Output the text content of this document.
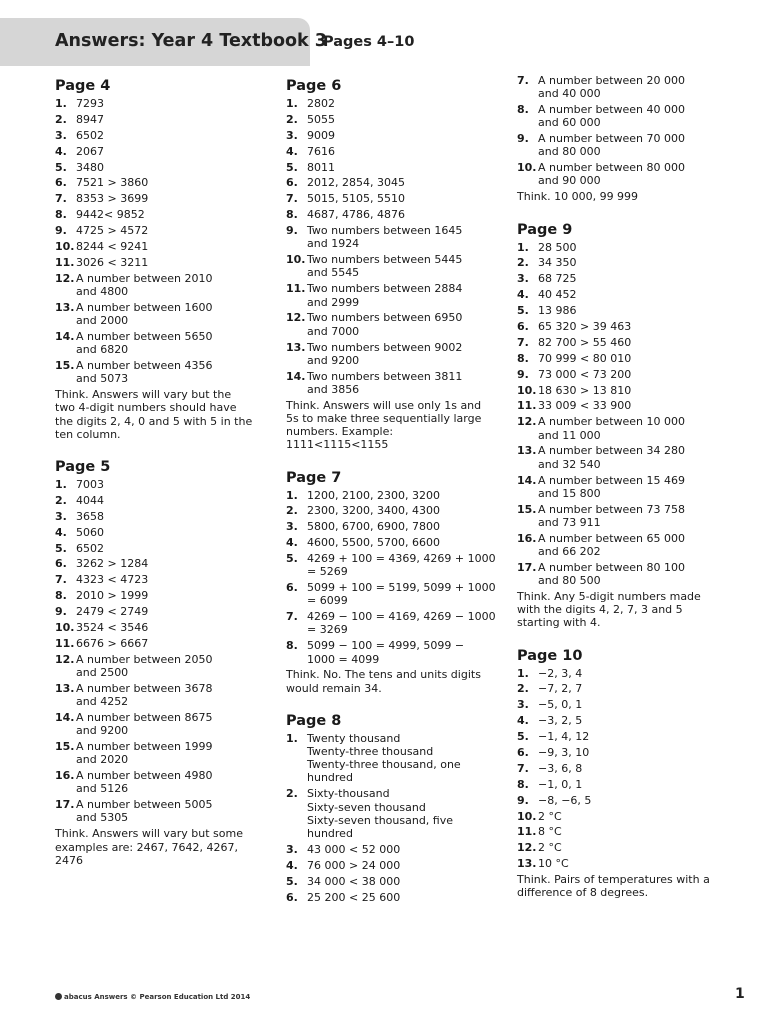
Answers: Year 4 Textbook 3
Pages 4–10
Page 4
1. 7293
2. 8947
3. 6502
4. 2067
5. 3480
6. 7521 > 3860
7. 8353 > 3699
8. 9442< 9852
9. 4725 > 4572
10. 8244 < 9241
11. 3026 < 3211
12. A number between 2010
and 4800
13. A number between 1600
and 2000
14. A number between 5650
and 6820
15. A number between 4356
and 5073
Think. Answers will vary but the
two 4-digit numbers should have
the digits 2, 4, 0 and 5 with 5 in the
ten column.
Page 5
1. 7003
2. 4044
3. 3658
4. 5060
5. 6502
6. 3262 > 1284
7. 4323 < 4723
8. 2010 > 1999
9. 2479 < 2749
10. 3524 < 3546
11. 6676 > 6667
12. A number between 2050
and 2500
13. A number between 3678
and 4252
14. A number between 8675
and 9200
15. A number between 1999
and 2020
16. A number between 4980
and 5126
17. A number between 5005
and 5305
Think. Answers will vary but some
examples are: 2467, 7642, 4267,
2476
Page 6
1. 2802
2. 5055
3. 9009
4. 7616
5. 8011
6. 2012, 2854, 3045
7. 5015, 5105, 5510
8. 4687, 4786, 4876
9. Two numbers between 1645
and 1924
10. Two numbers between 5445
and 5545
11. Two numbers between 2884
and 2999
12. Two numbers between 6950
and 7000
13. Two numbers between 9002
and 9200
14. Two numbers between 3811
and 3856
Think. Answers will use only 1s and
5s to make three sequentially large
numbers. Example: 1111<1115<1155
Page 7
1. 1200, 2100, 2300, 3200
2. 2300, 3200, 3400, 4300
3. 5800, 6700, 6900, 7800
4. 4600, 5500, 5700, 6600
5. 4269 + 100 = 4369, 4269 + 1000
= 5269
6. 5099 + 100 = 5199, 5099 + 1000
= 6099
7. 4269 − 100 = 4169, 4269 − 1000
= 3269
8. 5099 − 100 = 4999, 5099 −
1000 = 4099
Think. No. The tens and units digits
would remain 34.
Page 8
1. Twenty thousand
Twenty-three thousand
Twenty-three thousand, one
hundred
2. Sixty-thousand
Sixty-seven thousand
Sixty-seven thousand, five
hundred
3. 43 000 < 52 000
4. 76 000 > 24 000
5. 34 000 < 38 000
6. 25 200 < 25 600
7. A number between 20 000
and 40 000
8. A number between 40 000
and 60 000
9. A number between 70 000
and 80 000
10. A number between 80 000
and 90 000
Think. 10 000, 99 999
Page 9
1. 28 500
2. 34 350
3. 68 725
4. 40 452
5. 13 986
6. 65 320 > 39 463
7. 82 700 > 55 460
8. 70 999 < 80 010
9. 73 000 < 73 200
10. 18 630 > 13 810
11. 33 009 < 33 900
12. A number between 10 000
and 11 000
13. A number between 34 280
and 32 540
14. A number between 15 469
and 15 800
15. A number between 73 758
and 73 911
16. A number between 65 000
and 66 202
17. A number between 80 100
and 80 500
Think. Any 5-digit numbers made
with the digits 4, 2, 7, 3 and 5
starting with 4.
Page 10
1. −2, 3, 4
2. −7, 2, 7
3. −5, 0, 1
4. −3, 2, 5
5. −1, 4, 12
6. −9, 3, 10
7. −3, 6, 8
8. −1, 0, 1
9. −8, −6, 5
10. 2 °C
11. 8 °C
12. 2 °C
13. 10 °C
Think. Pairs of temperatures with a
difference of 8 degrees.
abacus Answers © Pearson Education Ltd 2014	1
